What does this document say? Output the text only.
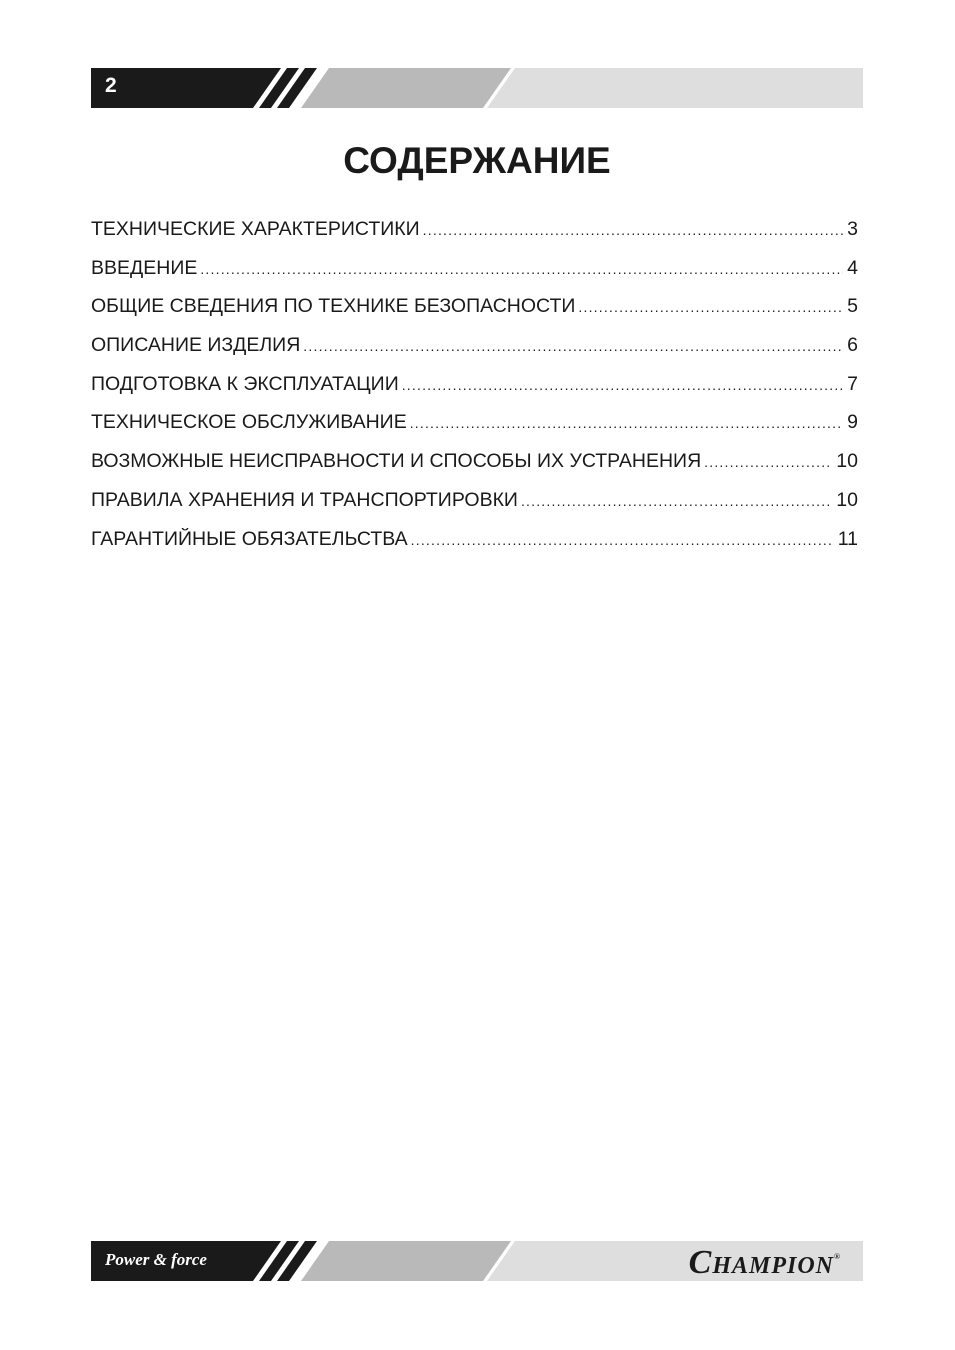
2
СОДЕРЖАНИЕ
ТЕХНИЧЕСКИЕ ХАРАКТЕРИСТИКИ .....	3
ВВЕДЕНИЕ .....	4
ОБЩИЕ СВЕДЕНИЯ ПО ТЕХНИКЕ БЕЗОПАСНОСТИ .....	5
ОПИСАНИЕ ИЗДЕЛИЯ .....	6
ПОДГОТОВКА К ЭКСПЛУАТАЦИИ .....	7
ТЕХНИЧЕСКОЕ ОБСЛУЖИВАНИЕ .....	9
ВОЗМОЖНЫЕ НЕИСПРАВНОСТИ И СПОСОБЫ ИХ УСТРАНЕНИЯ .....	10
ПРАВИЛА ХРАНЕНИЯ И ТРАНСПОРТИРОВКИ .....	10
ГАРАНТИЙНЫЕ ОБЯЗАТЕЛЬСТВА .....	11
Power & force	CHAMPION®
